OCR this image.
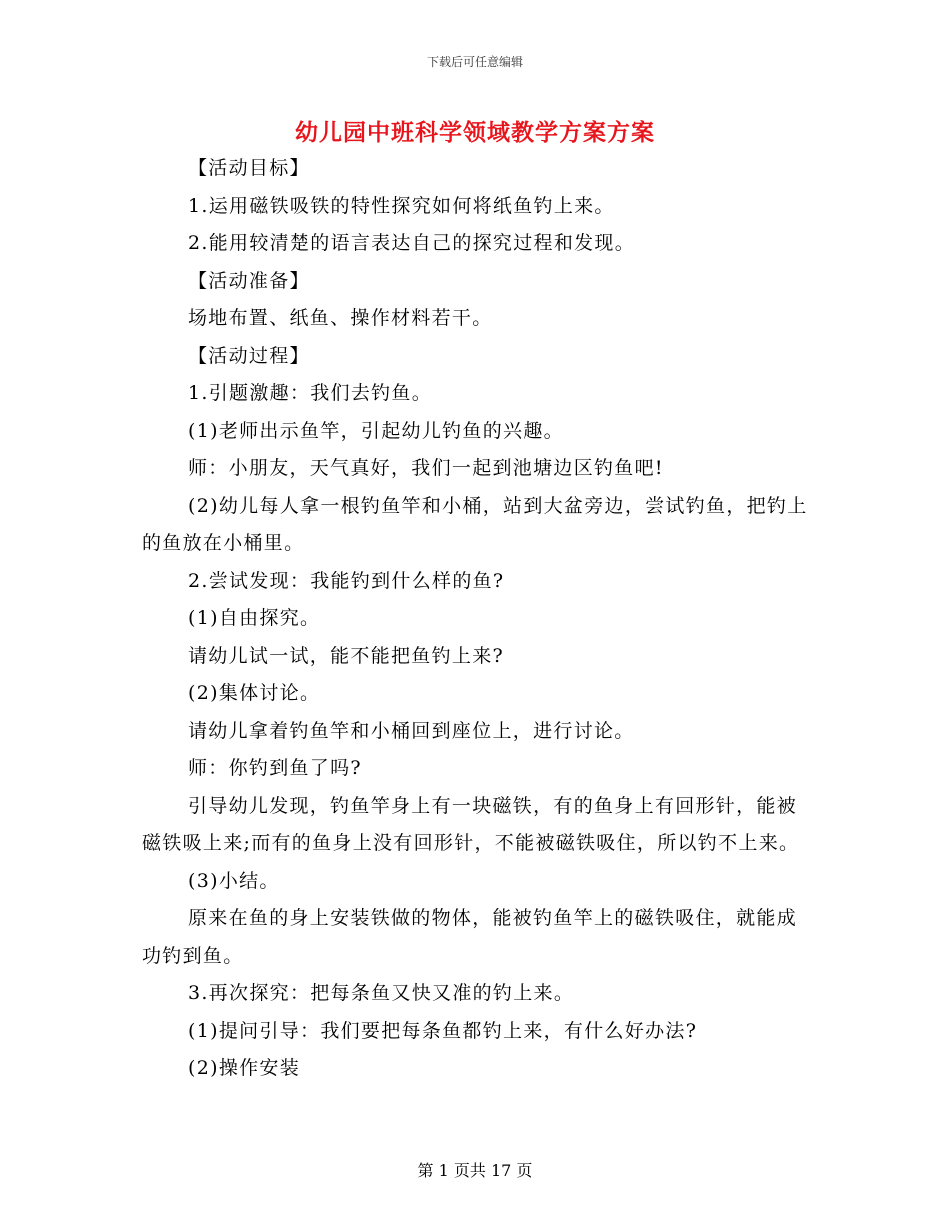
下载后可任意编辑
幼儿园中班科学领域教学方案方案

【活动目标】

1.运用磁铁吸铁的特性探究如何将纸鱼钓上来。

2.能用较清楚的语言表达自己的探究过程和发现。

【活动准备】

场地布置、纸鱼、操作材料若干。

【活动过程】

1.引题激趣：我们去钓鱼。

(1)老师出示鱼竿，引起幼儿钓鱼的兴趣。

师：小朋友，天气真好，我们一起到池塘边区钓鱼吧!

(2)幼儿每人拿一根钓鱼竿和小桶，站到大盆旁边，尝试钓鱼，把钓上的鱼放在小桶里。

2.尝试发现：我能钓到什么样的鱼?

(1)自由探究。

请幼儿试一试，能不能把鱼钓上来?

(2)集体讨论。

请幼儿拿着钓鱼竿和小桶回到座位上，进行讨论。

师：你钓到鱼了吗?

引导幼儿发现，钓鱼竿身上有一块磁铁，有的鱼身上有回形针，能被磁铁吸上来;而有的鱼身上没有回形针，不能被磁铁吸住，所以钓不上来。

(3)小结。

原来在鱼的身上安装铁做的物体，能被钓鱼竿上的磁铁吸住，就能成功钓到鱼。

3.再次探究：把每条鱼又快又准的钓上来。

(1)提问引导：我们要把每条鱼都钓上来，有什么好办法?

(2)操作安装

第 1 页共 17 页
